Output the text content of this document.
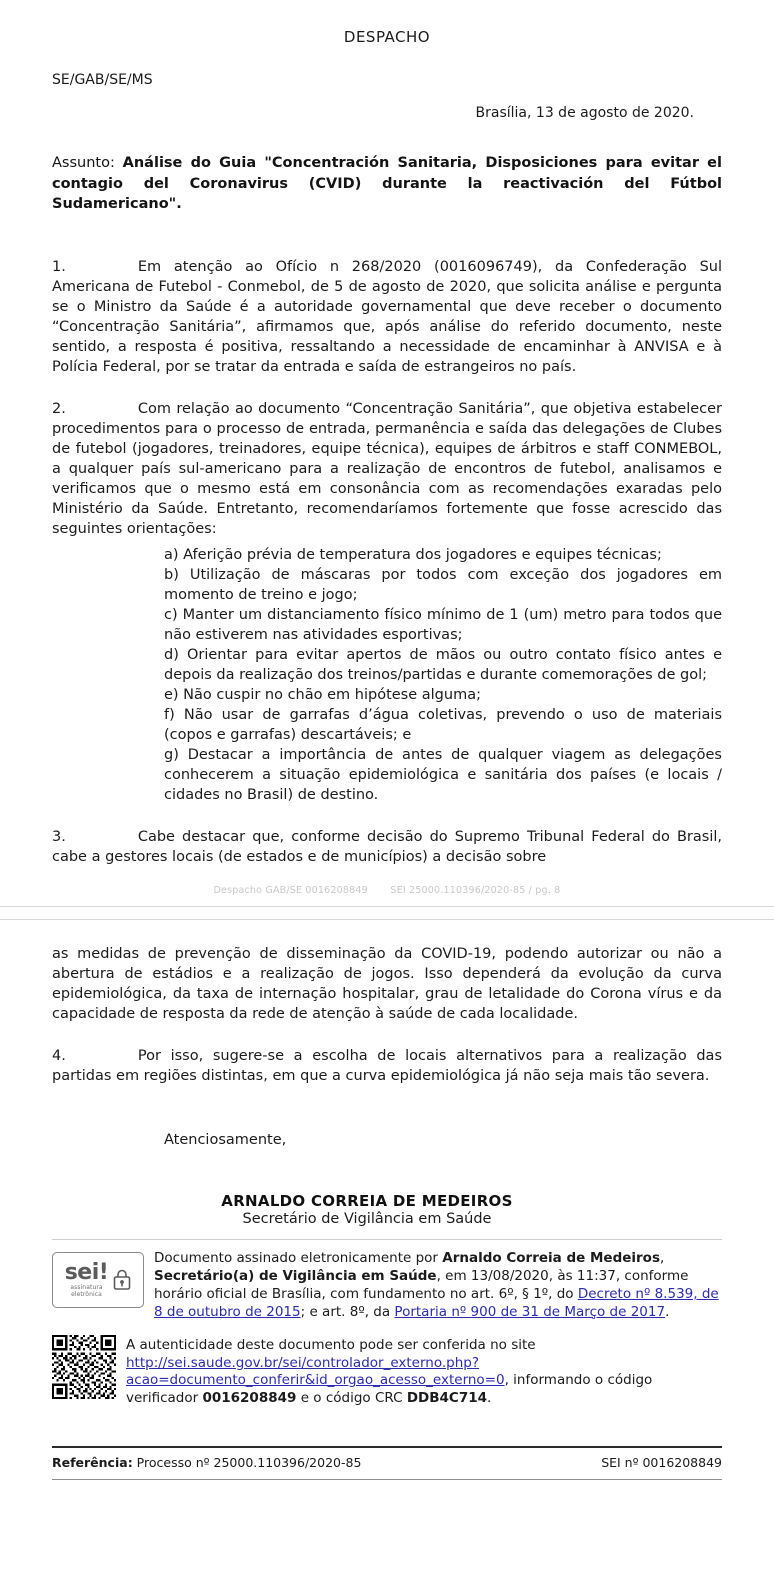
DESPACHO
SE/GAB/SE/MS
Brasília, 13 de agosto de 2020.
Assunto: Análise do Guia "Concentración Sanitaria, Disposiciones para evitar el contagio del Coronavirus (CVID) durante la reactivación del Fútbol Sudamericano".
1.	Em atenção ao Ofício n 268/2020 (0016096749), da Confederação Sul Americana de Futebol - Conmebol, de 5 de agosto de 2020, que solicita análise e pergunta se o Ministro da Saúde é a autoridade governamental que deve receber o documento “Concentração Sanitária”, afirmamos que, após análise do referido documento, neste sentido, a resposta é positiva, ressaltando a necessidade de encaminhar à ANVISA e à Polícia Federal, por se tratar da entrada e saída de estrangeiros no país.
2.	Com relação ao documento “Concentração Sanitária”, que objetiva estabelecer procedimentos para o processo de entrada, permanência e saída das delegações de Clubes de futebol (jogadores, treinadores, equipe técnica), equipes de árbitros e staff CONMEBOL, a qualquer país sul-americano para a realização de encontros de futebol, analisamos e verificamos que o mesmo está em consonância com as recomendações exaradas pelo Ministério da Saúde. Entretanto, recomendaríamos fortemente que fosse acrescido das seguintes orientações:

a) Aferição prévia de temperatura dos jogadores e equipes técnicas;

b) Utilização de máscaras por todos com exceção dos jogadores em momento de treino e jogo;

c) Manter um distanciamento físico mínimo de 1 (um) metro para todos que não estiverem nas atividades esportivas;

d) Orientar para evitar apertos de mãos ou outro contato físico antes e depois da realização dos treinos/partidas e durante comemorações de gol;

e) Não cuspir no chão em hipótese alguma;

f) Não usar de garrafas d’água coletivas, prevendo o uso de materiais (copos e garrafas) descartáveis; e

g) Destacar a importância de antes de qualquer viagem as delegações conhecerem a situação epidemiológica e sanitária dos países (e locais / cidades no Brasil) de destino.

3.	Cabe destacar que, conforme decisão do Supremo Tribunal Federal do Brasil, cabe a gestores locais (de estados e de municípios) a decisão sobre
Despacho GAB/SE 0016208849       SEI 25000.110396/2020-85 / pg. 8

as medidas de prevenção de disseminação da COVID-19, podendo autorizar ou não a abertura de estádios e a realização de jogos. Isso dependerá da evolução da curva epidemiológica, da taxa de internação hospitalar, grau de letalidade do Corona vírus e da capacidade de resposta da rede de atenção à saúde de cada localidade.
4.	Por isso, sugere-se a escolha de locais alternativos para a realização das partidas em regiões distintas, em que a curva epidemiológica já não seja mais tão severa.
Atenciosamente,
ARNALDO CORREIA DE MEDEIROS
Secretário de Vigilância em Saúde
sei!
assinatura
eletrônica
Documento assinado eletronicamente por Arnaldo Correia de Medeiros, Secretário(a) de Vigilância em Saúde, em 13/08/2020, às 11:37, conforme horário oficial de Brasília, com fundamento no art. 6º, § 1º, do Decreto nº 8.539, de 8 de outubro de 2015; e art. 8º, da Portaria nº 900 de 31 de Março de 2017.
A autenticidade deste documento pode ser conferida no site
http://sei.saude.gov.br/sei/controlador_externo.php?
acao=documento_conferir&id_orgao_acesso_externo=0, informando o código verificador 0016208849 e o código CRC DDB4C714.
Referência: Processo nº 25000.110396/2020-85	SEI nº 0016208849
